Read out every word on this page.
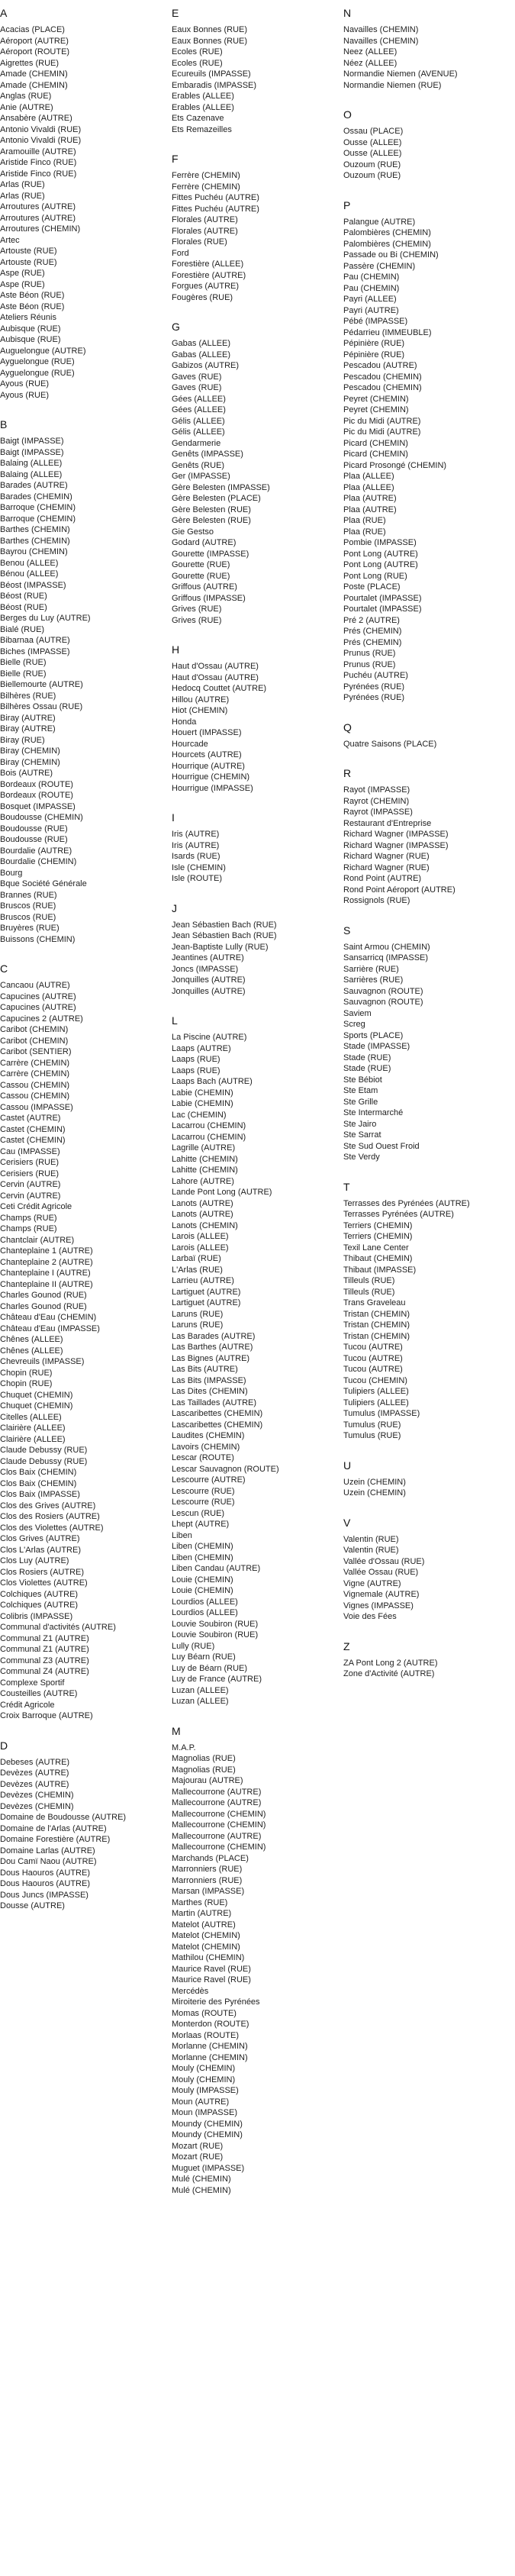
A
Acacias (PLACE)
Aéroport (AUTRE)
Aéroport (ROUTE)
Aigrettes (RUE)
Amade (CHEMIN)
Amade (CHEMIN)
Anglas (RUE)
Anie (AUTRE)
Ansabère (AUTRE)
Antonio Vivaldi (RUE)
Antonio Vivaldi (RUE)
Aramouille (AUTRE)
Aristide Finco (RUE)
Aristide Finco (RUE)
Arlas (RUE)
Arlas (RUE)
Arroutures (AUTRE)
Arroutures (AUTRE)
Arroutures (CHEMIN)
Artec
Artouste (RUE)
Artouste (RUE)
Aspe (RUE)
Aspe (RUE)
Aste Béon (RUE)
Aste Béon (RUE)
Ateliers Réunis
Aubisque (RUE)
Aubisque (RUE)
Auguelongue (AUTRE)
Ayguelongue (RUE)
Ayguelongue (RUE)
Ayous (RUE)
Ayous (RUE)
B
Baigt (IMPASSE)
Baigt (IMPASSE)
Balaing (ALLEE)
Balaing (ALLEE)
Barades (AUTRE)
Barades (CHEMIN)
Barroque (CHEMIN)
Barroque (CHEMIN)
Barthes (CHEMIN)
Barthes (CHEMIN)
Bayrou (CHEMIN)
Benou (ALLEE)
Bénou (ALLEE)
Béost (IMPASSE)
Béost (RUE)
Béost (RUE)
Berges du Luy (AUTRE)
Bialé (RUE)
Bibarnaa (AUTRE)
Biches (IMPASSE)
Bielle (RUE)
Bielle (RUE)
Biellemourte (AUTRE)
Bilhères (RUE)
Bilhères Ossau (RUE)
Biray (AUTRE)
Biray (AUTRE)
Biray (RUE)
Biray (CHEMIN)
Biray (CHEMIN)
Bois (AUTRE)
Bordeaux (ROUTE)
Bordeaux (ROUTE)
Bosquet (IMPASSE)
Boudousse (CHEMIN)
Boudousse (RUE)
Boudousse (RUE)
Bourdalie (AUTRE)
Bourdalie (CHEMIN)
Bourg
Bque Société Générale
Brannes (RUE)
Bruscos (RUE)
Bruscos (RUE)
Bruyères (RUE)
Buissons (CHEMIN)
C
Cancaou (AUTRE)
Capucines (AUTRE)
Capucines (AUTRE)
Capucines 2 (AUTRE)
Caribot (CHEMIN)
Caribot (CHEMIN)
Caribot (SENTIER)
Carrère (CHEMIN)
Carrère (CHEMIN)
Cassou (CHEMIN)
Cassou (CHEMIN)
Cassou (IMPASSE)
Castet (AUTRE)
Castet (CHEMIN)
Castet (CHEMIN)
Cau (IMPASSE)
Cerisiers (RUE)
Cerisiers (RUE)
Cervin (AUTRE)
Cervin (AUTRE)
Ceti Crédit Agricole
Champs (RUE)
Champs (RUE)
Chantclair (AUTRE)
Chanteplaine 1 (AUTRE)
Chanteplaine 2 (AUTRE)
Chanteplaine I (AUTRE)
Chanteplaine II (AUTRE)
Charles Gounod (RUE)
Charles Gounod (RUE)
Château d'Eau (CHEMIN)
Château d'Eau (IMPASSE)
Chênes (ALLEE)
Chênes (ALLEE)
Chevreuils (IMPASSE)
Chopin (RUE)
Chopin (RUE)
Chuquet (CHEMIN)
Chuquet (CHEMIN)
Citelles (ALLEE)
Clairière (ALLEE)
Clairière (ALLEE)
Claude Debussy (RUE)
Claude Debussy (RUE)
Clos Baix (CHEMIN)
Clos Baix (CHEMIN)
Clos Baix (IMPASSE)
Clos des Grives (AUTRE)
Clos des Rosiers (AUTRE)
Clos des Violettes (AUTRE)
Clos Grives (AUTRE)
Clos L'Arlas (AUTRE)
Clos Luy (AUTRE)
Clos Rosiers (AUTRE)
Clos Violettes (AUTRE)
Colchiques (AUTRE)
Colchiques (AUTRE)
Colibris (IMPASSE)
Communal d'activités (AUTRE)
Communal Z1 (AUTRE)
Communal Z1 (AUTRE)
Communal Z3 (AUTRE)
Communal Z4 (AUTRE)
Complexe Sportif
Cousteilles (AUTRE)
Crédit Agricole
Croix Barroque (AUTRE)
D
Debeses (AUTRE)
Devèzes (AUTRE)
Devèzes (AUTRE)
Devèzes (CHEMIN)
Devèzes (CHEMIN)
Domaine de Boudousse (AUTRE)
Domaine de l'Arlas (AUTRE)
Domaine Forestière (AUTRE)
Domaine Larlas (AUTRE)
Dou Camï Naou (AUTRE)
Dous Haouros (AUTRE)
Dous Haouros (AUTRE)
Dous Juncs (IMPASSE)
Dousse (AUTRE)
E
Eaux Bonnes (RUE)
Eaux Bonnes (RUE)
Ecoles (RUE)
Ecoles (RUE)
Ecureuils (IMPASSE)
Embaradis (IMPASSE)
Erables (ALLEE)
Erables (ALLEE)
Ets Cazenave
Ets Remazeilles
F
Ferrère (CHEMIN)
Ferrère (CHEMIN)
Fittes Puchéu (AUTRE)
Fittes Puchéu (AUTRE)
Florales (AUTRE)
Florales (AUTRE)
Florales (RUE)
Ford
Forestière (ALLEE)
Forestière (AUTRE)
Forgues (AUTRE)
Fougères (RUE)
G
Gabas (ALLEE)
Gabas (ALLEE)
Gabizos (AUTRE)
Gaves (RUE)
Gaves (RUE)
Gées (ALLEE)
Gées (ALLEE)
Gélis (ALLEE)
Gélis (ALLEE)
Gendarmerie
Genêts (IMPASSE)
Genêts (RUE)
Ger (IMPASSE)
Gère Belesten (IMPASSE)
Gère Belesten (PLACE)
Gère Belesten (RUE)
Gère Belesten (RUE)
Gie Gestso
Godard (AUTRE)
Gourette (IMPASSE)
Gourette (RUE)
Gourette (RUE)
Griffous (AUTRE)
Griffous (IMPASSE)
Grives (RUE)
Grives (RUE)
H
Haut d'Ossau (AUTRE)
Haut d'Ossau (AUTRE)
Hedocq Couttet (AUTRE)
Hillou (AUTRE)
Hiot (CHEMIN)
Honda
Houert (IMPASSE)
Hourcade
Hourcets (AUTRE)
Hourrique (AUTRE)
Hourrigue (CHEMIN)
Hourrigue (IMPASSE)
I
Iris (AUTRE)
Iris (AUTRE)
Isards (RUE)
Isle (CHEMIN)
Isle (ROUTE)
J
Jean Sébastien Bach (RUE)
Jean Sébastien Bach (RUE)
Jean-Baptiste Lully (RUE)
Jeantines (AUTRE)
Joncs (IMPASSE)
Jonquilles (AUTRE)
Jonquilles (AUTRE)
L
La Piscine (AUTRE)
Laaps (AUTRE)
Laaps (RUE)
Laaps (RUE)
Laaps Bach (AUTRE)
Labie (CHEMIN)
Labie (CHEMIN)
Lac (CHEMIN)
Lacarrou (CHEMIN)
Lacarrou (CHEMIN)
Lagrille (AUTRE)
Lahitte (CHEMIN)
Lahitte (CHEMIN)
Lahore (AUTRE)
Lande Pont Long (AUTRE)
Lanots (AUTRE)
Lanots (AUTRE)
Lanots (CHEMIN)
Larois (ALLEE)
Larois (ALLEE)
Larbaï (RUE)
L'Arlas (RUE)
Larrieu (AUTRE)
Lartiguet (AUTRE)
Lartiguet (AUTRE)
Laruns (RUE)
Laruns (RUE)
Las Barades (AUTRE)
Las Barthes (AUTRE)
Las Bignes (AUTRE)
Las Bits (AUTRE)
Las Bits (IMPASSE)
Las Dites (CHEMIN)
Las Taillades (AUTRE)
Lascaribettes (CHEMIN)
Lascaribettes (CHEMIN)
Laudites (CHEMIN)
Lavoirs (CHEMIN)
Lescar (ROUTE)
Lescar Sauvagnon (ROUTE)
Lescourre (AUTRE)
Lescourre (RUE)
Lescourre (RUE)
Lescun (RUE)
Lhept (AUTRE)
Liben
Liben (CHEMIN)
Liben (CHEMIN)
Liben Candau (AUTRE)
Louie (CHEMIN)
Louie (CHEMIN)
Lourdios (ALLEE)
Lourdios (ALLEE)
Louvie Soubiron (RUE)
Louvie Soubiron (RUE)
Lully (RUE)
Luy Béarn (RUE)
Luy de Béarn (RUE)
Luy de France (AUTRE)
Luzan (ALLEE)
Luzan (ALLEE)
M
M.A.P.
Magnolias (RUE)
Magnolias (RUE)
Majourau (AUTRE)
Mallecourrone (AUTRE)
Mallecourrone (AUTRE)
Mallecourrone (CHEMIN)
Mallecourrone (CHEMIN)
Mallecourrone (AUTRE)
Mallecourrone (CHEMIN)
Marchands (PLACE)
Marronniers (RUE)
Marronniers (RUE)
Marsan (IMPASSE)
Marthes (RUE)
Martin (AUTRE)
Matelot (AUTRE)
Matelot (CHEMIN)
Matelot (CHEMIN)
Mathilou (CHEMIN)
Maurice Ravel (RUE)
Maurice Ravel (RUE)
Mercédès
Miroiterie des Pyrénées
Momas (ROUTE)
Monterdon (ROUTE)
Morlaas (ROUTE)
Morlanne (CHEMIN)
Morlanne (CHEMIN)
Mouly (CHEMIN)
Mouly (CHEMIN)
Mouly (IMPASSE)
Moun (AUTRE)
Moun (IMPASSE)
Moundy (CHEMIN)
Moundy (CHEMIN)
Mozart (RUE)
Mozart (RUE)
Muguet (IMPASSE)
Mulé (CHEMIN)
Mulé (CHEMIN)
N
Navailles (CHEMIN)
Navailles (CHEMIN)
Neez (ALLEE)
Néez (ALLEE)
Normandie Niemen (AVENUE)
Normandie Niemen (RUE)
O
Ossau (PLACE)
Ousse (ALLEE)
Ousse (ALLEE)
Ouzoum (RUE)
Ouzoum (RUE)
P
Palangue (AUTRE)
Palombières (CHEMIN)
Palombières (CHEMIN)
Passade ou Bi (CHEMIN)
Passère (CHEMIN)
Pau (CHEMIN)
Pau (CHEMIN)
Payri (ALLEE)
Payri (AUTRE)
Pébé (IMPASSE)
Pédarrieu (IMMEUBLE)
Pépinière (RUE)
Pépinière (RUE)
Pescadou (AUTRE)
Pescadou (CHEMIN)
Pescadou (CHEMIN)
Peyret (CHEMIN)
Peyret (CHEMIN)
Pic du Midi (AUTRE)
Pic du Midi (AUTRE)
Picard (CHEMIN)
Picard (CHEMIN)
Picard Prosongé (CHEMIN)
Plaa (ALLEE)
Plaa (ALLEE)
Plaa (AUTRE)
Plaa (AUTRE)
Plaa (RUE)
Plaa (RUE)
Pombie (IMPASSE)
Pont Long (AUTRE)
Pont Long (AUTRE)
Pont Long (RUE)
Poste (PLACE)
Pourtalet (IMPASSE)
Pourtalet (IMPASSE)
Pré 2 (AUTRE)
Prés (CHEMIN)
Prés (CHEMIN)
Prunus (RUE)
Prunus (RUE)
Puchéu (AUTRE)
Pyrénées (RUE)
Pyrénées (RUE)
Q
Quatre Saisons (PLACE)
R
Rayot (IMPASSE)
Rayrot (CHEMIN)
Rayrot (IMPASSE)
Restaurant d'Entreprise
Richard Wagner (IMPASSE)
Richard Wagner (IMPASSE)
Richard Wagner (RUE)
Richard Wagner (RUE)
Rond Point (AUTRE)
Rond Point Aéroport (AUTRE)
Rossignols (RUE)
S
Saint Armou (CHEMIN)
Sansarricq (IMPASSE)
Sarrière (RUE)
Sarrières (RUE)
Sauvagnon (ROUTE)
Sauvagnon (ROUTE)
Saviem
Screg
Sports (PLACE)
Stade (IMPASSE)
Stade (RUE)
Stade (RUE)
Ste Bébiot
Ste Etam
Ste Grille
Ste Intermarché
Ste Jairo
Ste Sarrat
Ste Sud Ouest Froid
Ste Verdy
T
Terrasses des Pyrénées (AUTRE)
Terrasses Pyrénées (AUTRE)
Terriers (CHEMIN)
Terriers (CHEMIN)
Texil Lane Center
Thibaut (CHEMIN)
Thibaut (IMPASSE)
Tilleuls (RUE)
Tilleuls (RUE)
Trans Graveleau
Tristan (CHEMIN)
Tristan (CHEMIN)
Tristan (CHEMIN)
Tucou (AUTRE)
Tucou (AUTRE)
Tucou (AUTRE)
Tucou (CHEMIN)
Tulipiers (ALLEE)
Tulipiers (ALLEE)
Tumulus (IMPASSE)
Tumulus (RUE)
Tumulus (RUE)
U
Uzein (CHEMIN)
Uzein (CHEMIN)
V
Valentin (RUE)
Valentin (RUE)
Vallée d'Ossau (RUE)
Vallée Ossau (RUE)
Vigne (AUTRE)
Vignemale (AUTRE)
Vignes (IMPASSE)
Voie des Fées
Z
ZA Pont Long 2 (AUTRE)
Zone d'Activité (AUTRE)
